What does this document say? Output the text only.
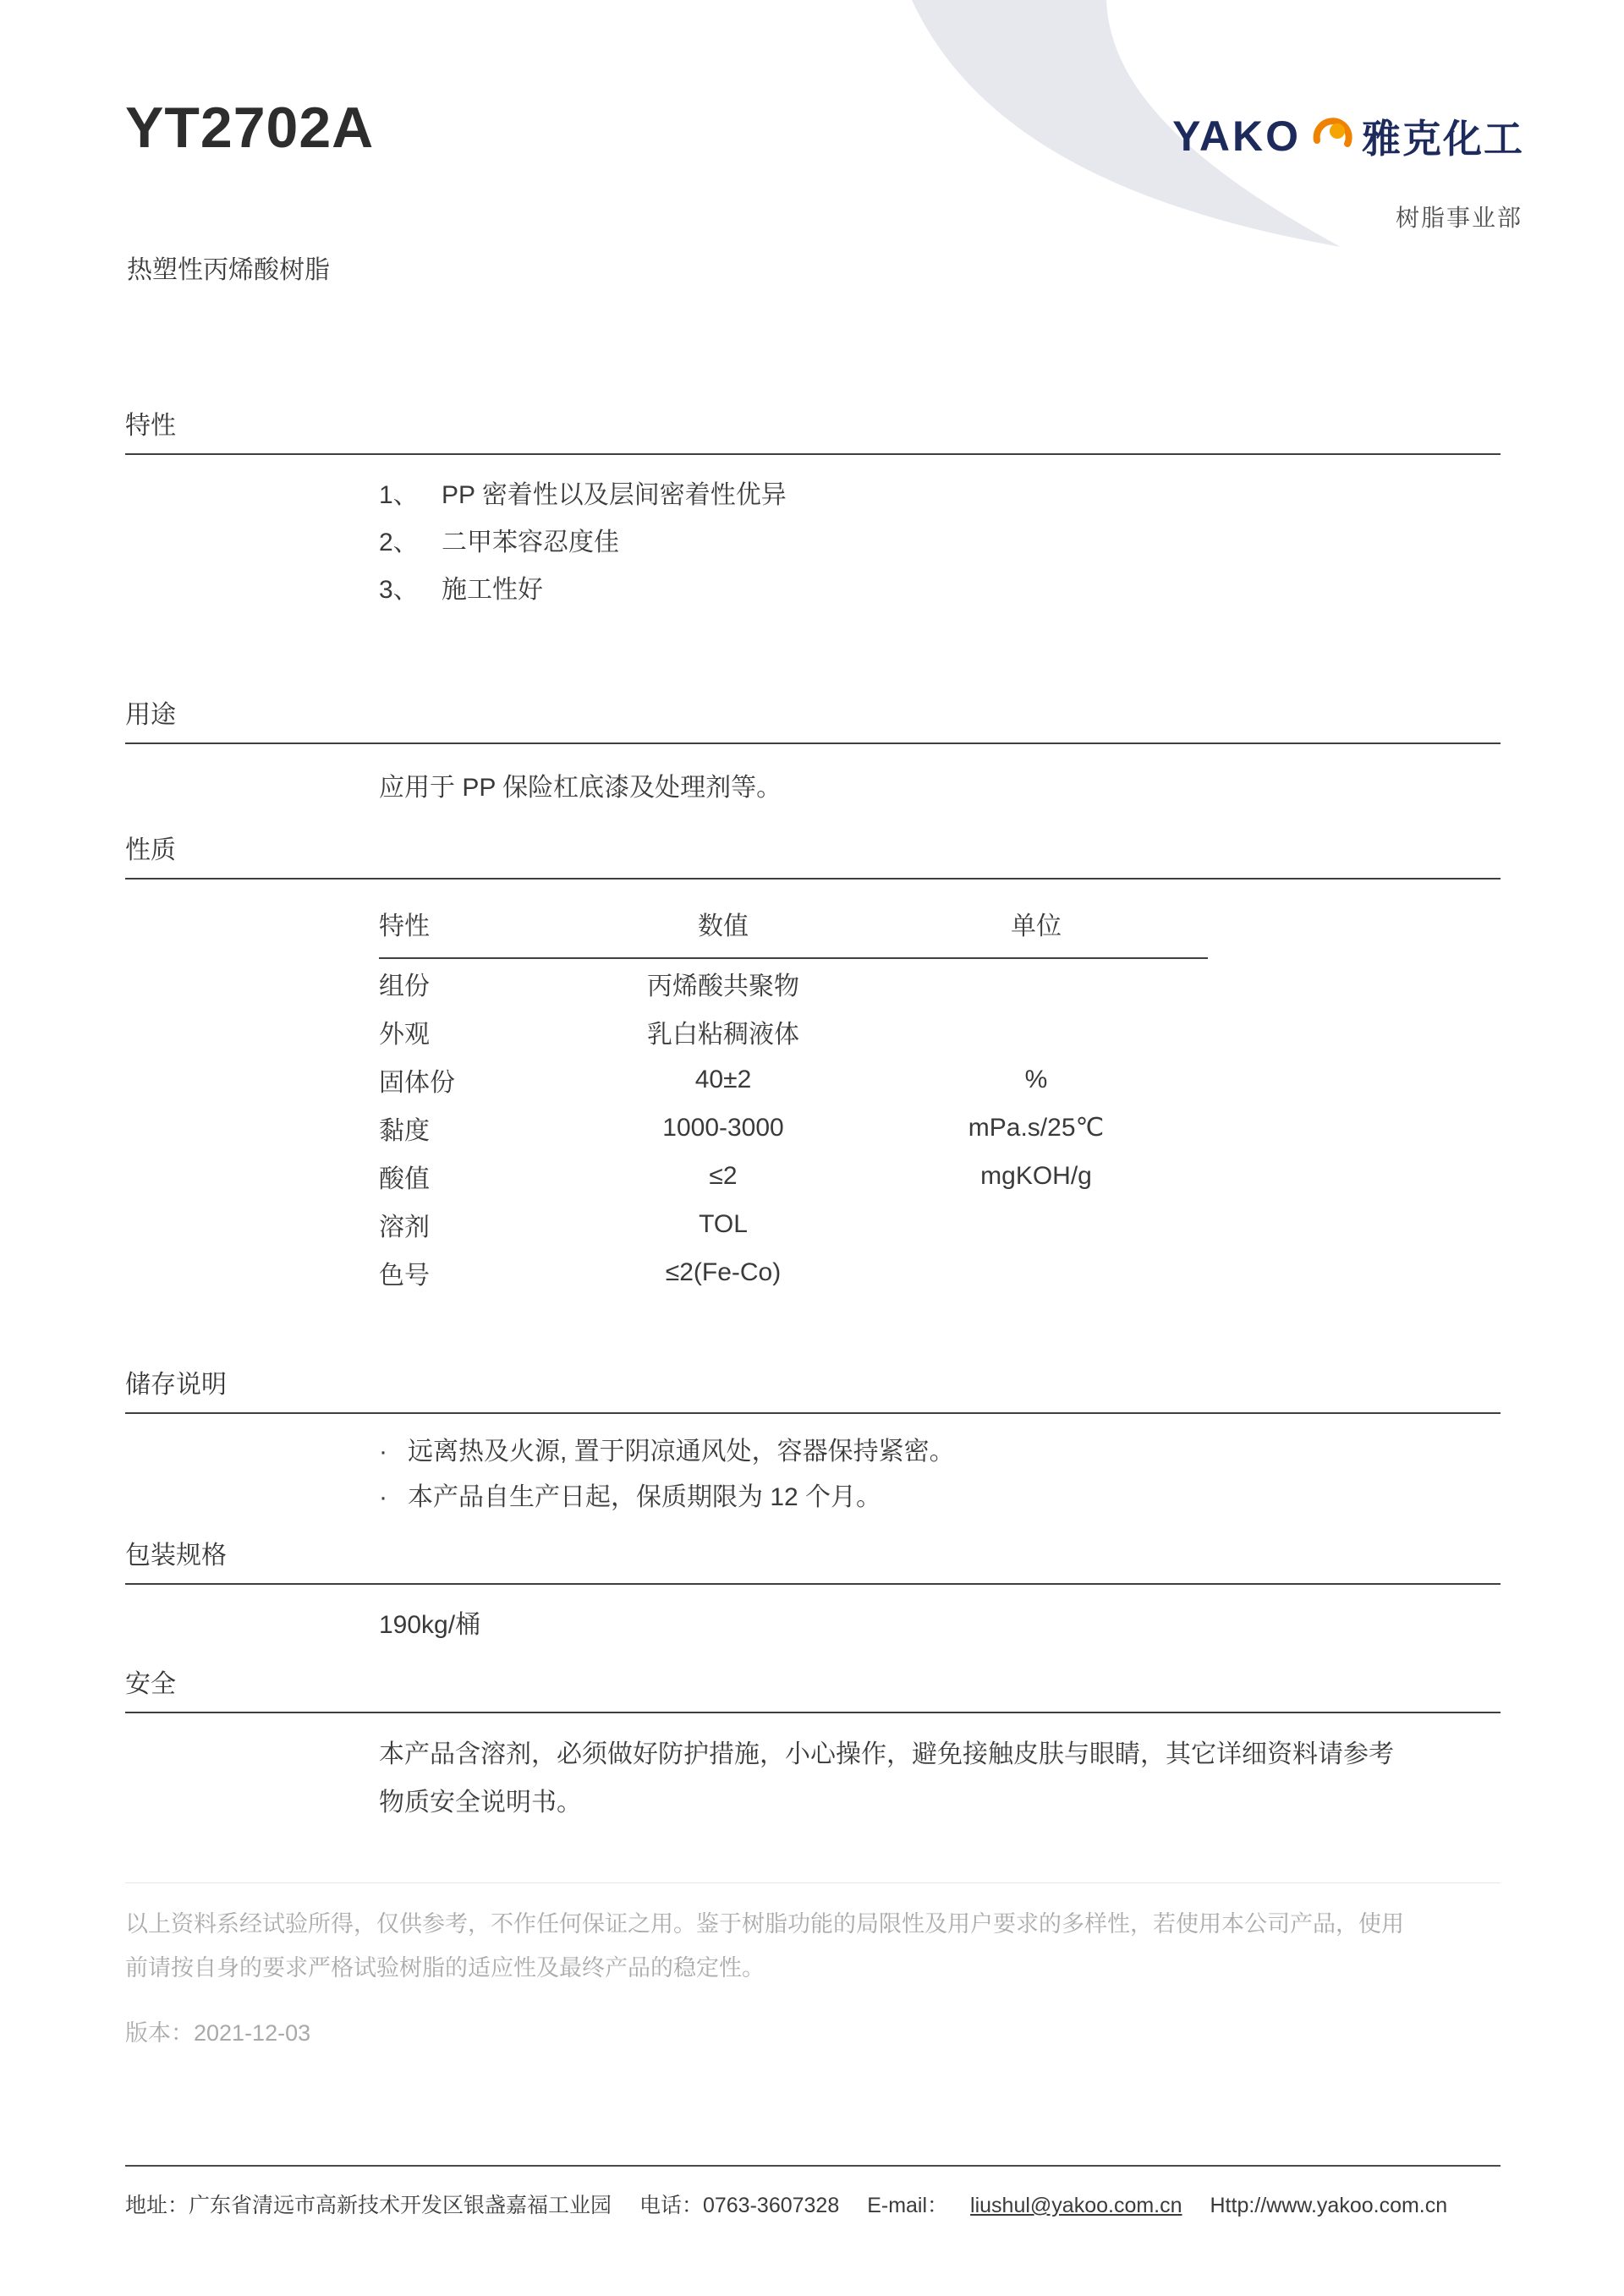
YT2702A
热塑性丙烯酸树脂
YAKO 雅克化工
树脂事业部
特性
用途
性质
储存说明
包装规格
安全
1、 PP 密着性以及层间密着性优异
2、 二甲苯容忍度佳
3、 施工性好
应用于 PP 保险杠底漆及处理剂等。
特性	数值	单位
组份	丙烯酸共聚物
外观	乳白粘稠液体
固体份	40±2	%
黏度	1000-3000	mPa.s/25℃
酸值	≤2	mgKOH/g
溶剂	TOL
色号	≤2(Fe-Co)
· 远离热及火源, 置于阴凉通风处，容器保持紧密。
· 本产品自生产日起，保质期限为 12 个月。
190kg/桶
本产品含溶剂，必须做好防护措施，小心操作，避免接触皮肤与眼睛，其它详细资料请参考
物质安全说明书。
以上资料系经试验所得，仅供参考，不作任何保证之用。鉴于树脂功能的局限性及用户要求的多样性，若使用本公司产品，使用
前请按自身的要求严格试验树脂的适应性及最终产品的稳定性。
版本：2021-12-03
地址：广东省清远市高新技术开发区银盏嘉福工业园 电话：0763-3607328 E-mail： liushul@yakoo.com.cn Http://www.yakoo.com.cn
